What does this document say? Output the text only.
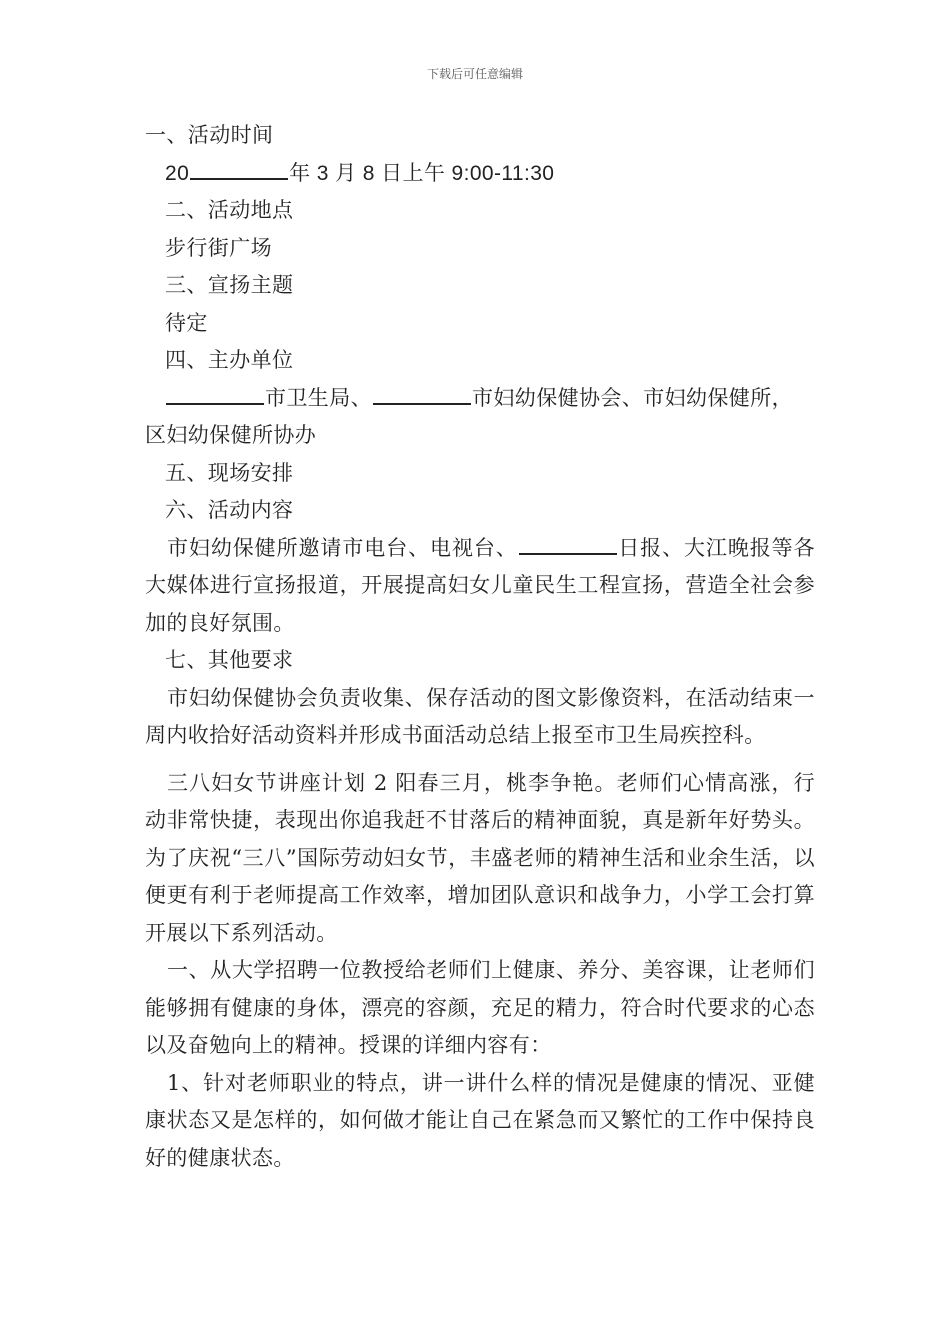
下载后可任意编辑
一、活动时间
20	年 3 月 8 日上午 9:00-11:30
二、活动地点
步行街广场
三、宣扬主题
待定
四、主办单位
市卫生局、	市妇幼保健协会、市妇幼保健所，
区妇幼保健所协办
五、现场安排
六、活动内容
市妇幼保健所邀请市电台、电视台、	日报、大江晚报等各大媒体进行宣扬报道，开展提高妇女儿童民生工程宣扬，营造全社会参加的良好氛围。
七、其他要求
市妇幼保健协会负责收集、保存活动的图文影像资料，在活动结束一周内收拾好活动资料并形成书面活动总结上报至市卫生局疾控科。
三八妇女节讲座计划 2 阳春三月，桃李争艳。老师们心情高涨，行动非常快捷，表现出你追我赶不甘落后的精神面貌，真是新年好势头。为了庆祝“三八”国际劳动妇女节，丰盛老师的精神生活和业余生活，以便更有利于老师提高工作效率，增加团队意识和战争力，小学工会打算开展以下系列活动。
一、从大学招聘一位教授给老师们上健康、养分、美容课，让老师们能够拥有健康的身体，漂亮的容颜，充足的精力，符合时代要求的心态以及奋勉向上的精神。授课的详细内容有：
1、针对老师职业的特点，讲一讲什么样的情况是健康的情况、亚健康状态又是怎样的，如何做才能让自己在紧急而又繁忙的工作中保持良好的健康状态。
